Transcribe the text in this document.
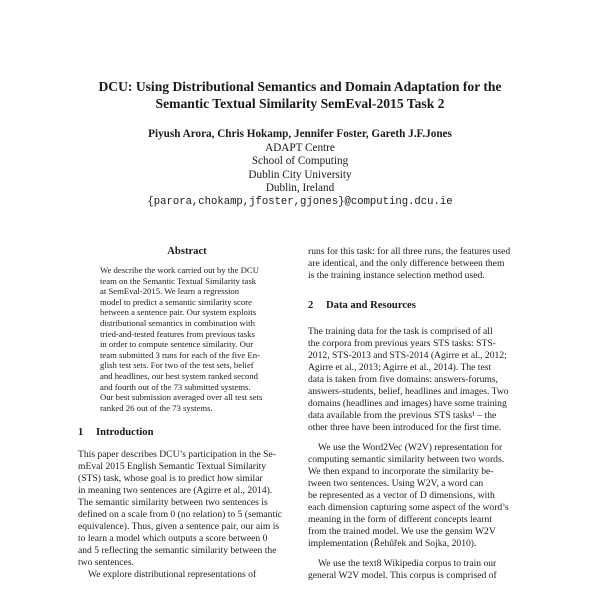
DCU: Using Distributional Semantics and Domain Adaptation for the
Semantic Textual Similarity SemEval-2015 Task 2
Piyush Arora, Chris Hokamp, Jennifer Foster, Gareth J.F.Jones
ADAPT Centre
School of Computing
Dublin City University
Dublin, Ireland
{parora,chokamp,jfoster,gjones}@computing.dcu.ie
Abstract
We describe the work carried out by the DCU
team on the Semantic Textual Similarity task
at SemEval-2015. We learn a regression
model to predict a semantic similarity score
between a sentence pair. Our system exploits
distributional semantics in combination with
tried-and-tested features from previous tasks
in order to compute sentence similarity. Our
team submitted 3 runs for each of the five En-
glish test sets. For two of the test sets, belief
and headlines, our best system ranked second
and fourth out of the 73 submitted systems.
Our best submission averaged over all test sets
ranked 26 out of the 73 systems.
1 Introduction
This paper describes DCU’s participation in the Se-
mEval 2015 English Semantic Textual Similarity
(STS) task, whose goal is to predict how similar
in meaning two sentences are (Agirre et al., 2014).
The semantic similarity between two sentences is
defined on a scale from 0 (no relation) to 5 (semantic
equivalence). Thus, given a sentence pair, our aim is
to learn a model which outputs a score between 0
and 5 reflecting the semantic similarity between the
two sentences.
We explore distributional representations of
runs for this task: for all three runs, the features used
are identical, and the only difference between them
is the training instance selection method used.
2 Data and Resources
The training data for the task is comprised of all
the corpora from previous years STS tasks: STS-
2012, STS-2013 and STS-2014 (Agirre et al., 2012;
Agirre et al., 2013; Agirre et al., 2014). The test
data is taken from five domains: answers-forums,
answers-students, belief, headlines and images. Two
domains (headlines and images) have some training
data available from the previous STS tasks¹ – the
other three have been introduced for the first time.
We use the Word2Vec (W2V) representation for
computing semantic similarity between two words.
We then expand to incorporate the similarity be-
tween two sentences. Using W2V, a word can
be represented as a vector of D dimensions, with
each dimension capturing some aspect of the word’s
meaning in the form of different concepts learnt
from the trained model. We use the gensim W2V
implementation (Řehůřek and Sojka, 2010).
We use the text8 Wikipedia corpus to train our
general W2V model. This corpus is comprised of
